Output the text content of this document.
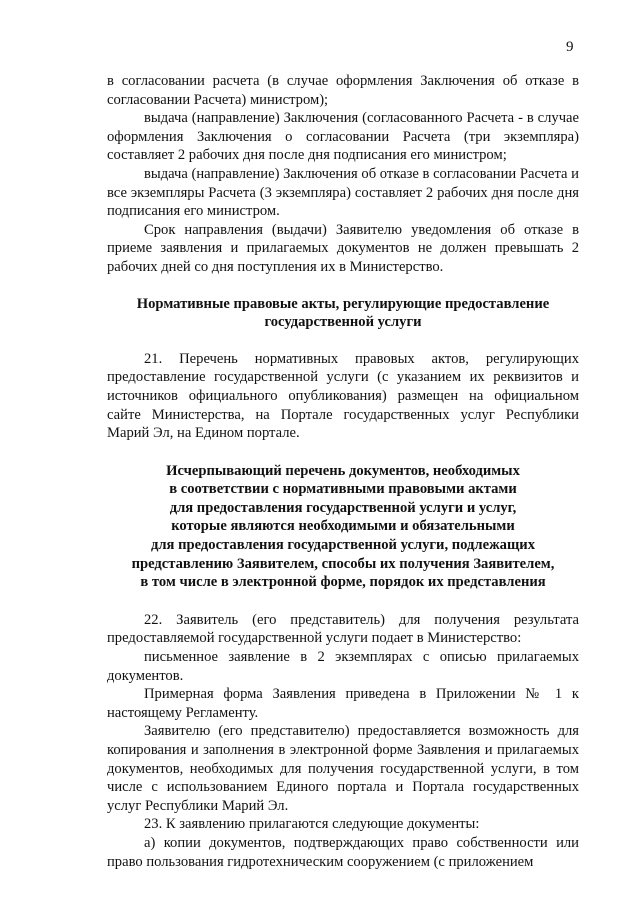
9

в согласовании расчета (в случае оформления Заключения об отказе в согласовании Расчета) министром);

выдача (направление) Заключения (согласованного Расчета - в случае оформления Заключения о согласовании Расчета (три экземпляра) составляет 2 рабочих дня после дня подписания его министром;

выдача (направление) Заключения об отказе в согласовании Расчета и все экземпляры Расчета (3 экземпляра) составляет 2 рабочих дня после дня подписания его министром.

Срок направления (выдачи) Заявителю уведомления об отказе в приеме заявления и прилагаемых документов не должен превышать 2 рабочих дней со дня поступления их в Министерство.

Нормативные правовые акты, регулирующие предоставление
государственной услуги

21. Перечень нормативных правовых актов, регулирующих предоставление государственной услуги (с указанием их реквизитов и источников официального опубликования) размещен на официальном сайте Министерства, на Портале государственных услуг Республики Марий Эл, на Едином портале.

Исчерпывающий перечень документов, необходимых
в соответствии с нормативными правовыми актами
для предоставления государственной услуги и услуг,
которые являются необходимыми и обязательными
для предоставления государственной услуги, подлежащих
представлению Заявителем, способы их получения Заявителем,
в том числе в электронной форме, порядок их представления

22. Заявитель (его представитель) для получения результата предоставляемой государственной услуги подает в Министерство:

письменное заявление в 2 экземплярах с описью прилагаемых документов.

Примерная форма Заявления приведена в Приложении № 1 к настоящему Регламенту.

Заявителю (его представителю) предоставляется возможность для копирования и заполнения в электронной форме Заявления и прилагаемых документов, необходимых для получения государственной услуги, в том числе с использованием Единого портала и Портала государственных услуг Республики Марий Эл.

23. К заявлению прилагаются следующие документы:

а) копии документов, подтверждающих право собственности или право пользования гидротехническим сооружением (с приложением
